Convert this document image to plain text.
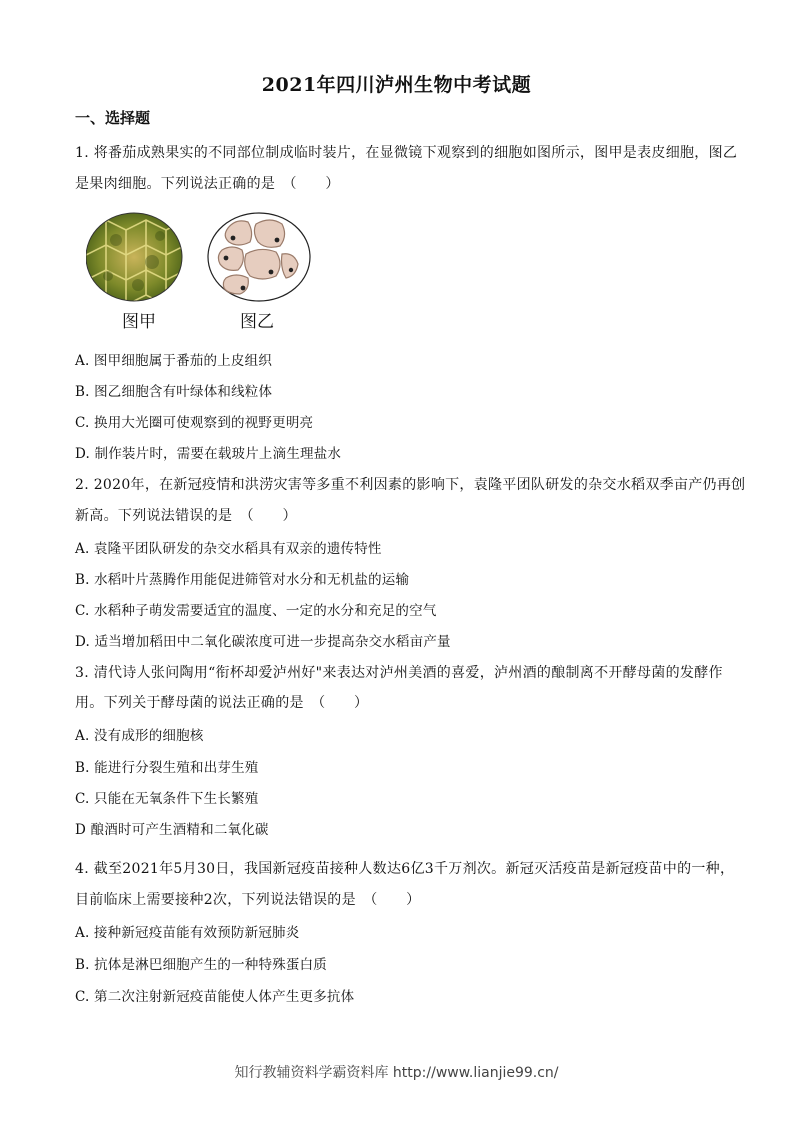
2021年四川泸州生物中考试题
一、选择题
1. 将番茄成熟果实的不同部位制成临时装片，在显微镜下观察到的细胞如图所示，图甲是表皮细胞，图乙
是果肉细胞。下列说法正确的是　（　　）
图甲	图乙
A. 图甲细胞属于番茄的上皮组织
B. 图乙细胞含有叶绿体和线粒体
C. 换用大光圈可使观察到的视野更明亮
D. 制作装片时，需要在载玻片上滴生理盐水
2. 2020年，在新冠疫情和洪涝灾害等多重不利因素的影响下，袁隆平团队研发的杂交水稻双季亩产仍再创
新高。下列说法错误的是　（　　）
A. 袁隆平团队研发的杂交水稻具有双亲的遗传特性
B. 水稻叶片蒸腾作用能促进筛管对水分和无机盐的运输
C. 水稻种子萌发需要适宜的温度、一定的水分和充足的空气
D. 适当增加稻田中二氧化碳浓度可进一步提高杂交水稻亩产量
3. 清代诗人张问陶用“衔杯却爱泸州好"来表达对泸州美酒的喜爱，泸州酒的酿制离不开酵母菌的发酵作
用。下列关于酵母菌的说法正确的是　（　　）
A. 没有成形的细胞核
B. 能进行分裂生殖和出芽生殖
C. 只能在无氧条件下生长繁殖
D 酿酒时可产生酒精和二氧化碳
4. 截至2021年5月30日，我国新冠疫苗接种人数达6亿3千万剂次。新冠灭活疫苗是新冠疫苗中的一种，
目前临床上需要接种2次，下列说法错误的是　（　　）
A. 接种新冠疫苗能有效预防新冠肺炎
B. 抗体是淋巴细胞产生的一种特殊蛋白质
C. 第二次注射新冠疫苗能使人体产生更多抗体
知行教辅资料学霸资料库 http://www.lianjie99.cn/
